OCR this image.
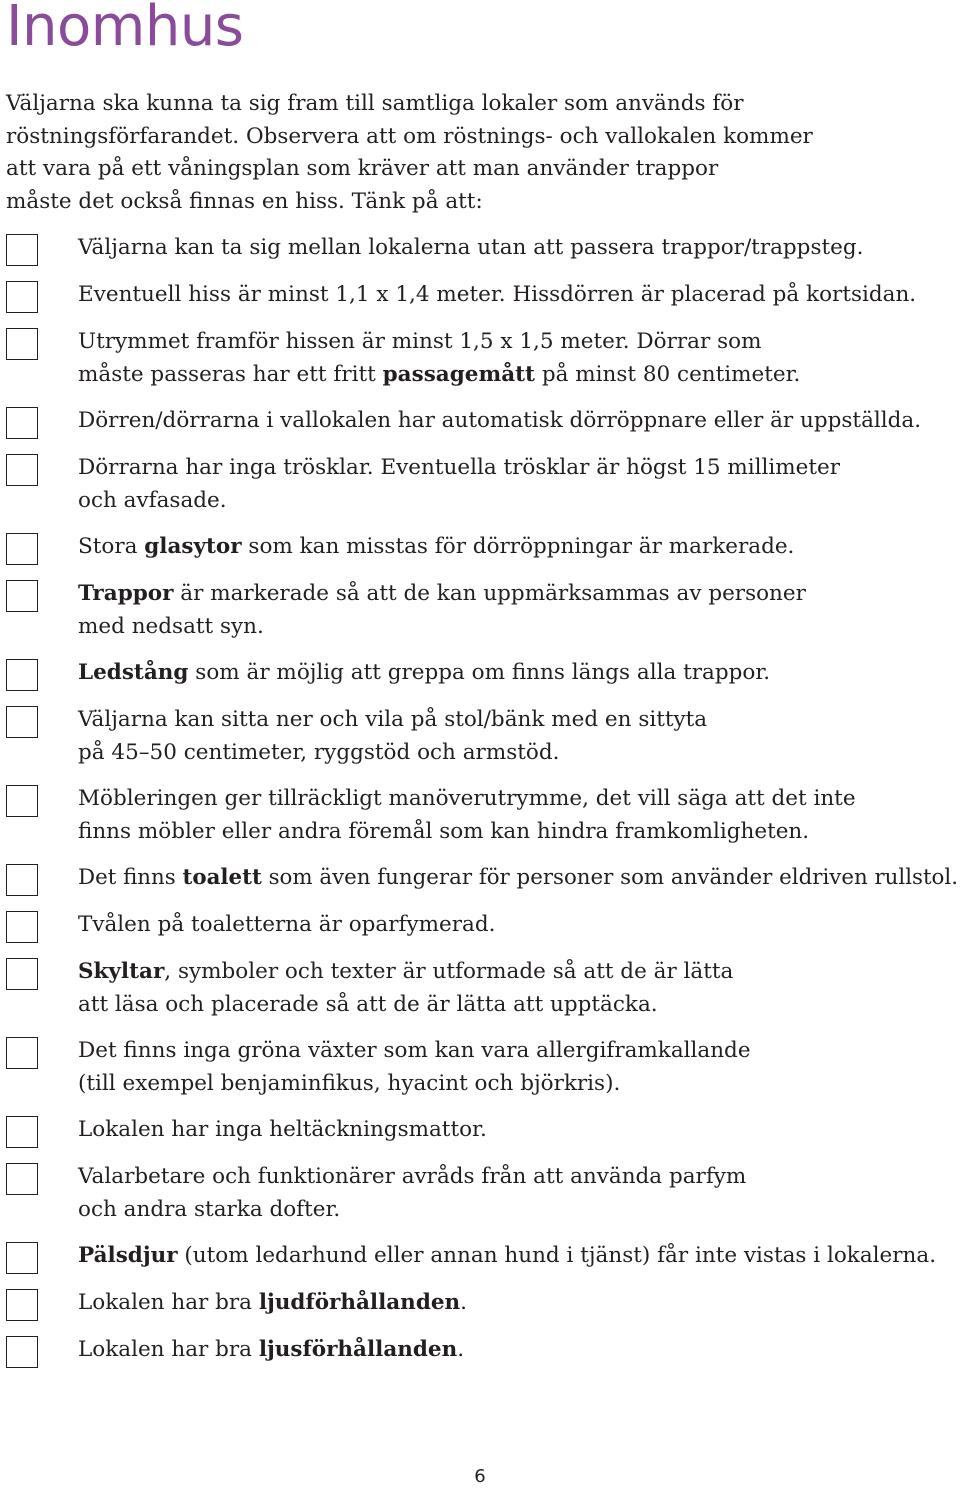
Inomhus
Väljarna ska kunna ta sig fram till samtliga lokaler som används för
röstningsförfarandet. Observera att om röstnings- och vallokalen kommer
att vara på ett våningsplan som kräver att man använder trappor
måste det också finnas en hiss. Tänk på att:
Väljarna kan ta sig mellan lokalerna utan att passera trappor/trappsteg.
Eventuell hiss är minst 1,1 x 1,4 meter. Hissdörren är placerad på kortsidan.
Utrymmet framför hissen är minst 1,5 x 1,5 meter. Dörrar som
måste passeras har ett fritt passagemått på minst 80 centimeter.
Dörren/dörrarna i vallokalen har automatisk dörröppnare eller är uppställda.
Dörrarna har inga trösklar. Eventuella trösklar är högst 15 millimeter
och avfasade.
Stora glasytor som kan misstas för dörröppningar är markerade.
Trappor är markerade så att de kan uppmärksammas av personer
med nedsatt syn.
Ledstång som är möjlig att greppa om finns längs alla trappor.
Väljarna kan sitta ner och vila på stol/bänk med en sittyta
på 45–50 centimeter, ryggstöd och armstöd.
Möbleringen ger tillräckligt manöverutrymme, det vill säga att det inte
finns möbler eller andra föremål som kan hindra framkomligheten.
Det finns toalett som även fungerar för personer som använder eldriven rullstol.
Tvålen på toaletterna är oparfymerad.
Skyltar, symboler och texter är utformade så att de är lätta
att läsa och placerade så att de är lätta att upptäcka.
Det finns inga gröna växter som kan vara allergiframkallande
(till exempel benjaminfikus, hyacint och björkris).
Lokalen har inga heltäckningsmattor.
Valarbetare och funktionärer avråds från att använda parfym
och andra starka dofter.
Pälsdjur (utom ledarhund eller annan hund i tjänst) får inte vistas i lokalerna.
Lokalen har bra ljudförhållanden.
Lokalen har bra ljusförhållanden.
6
